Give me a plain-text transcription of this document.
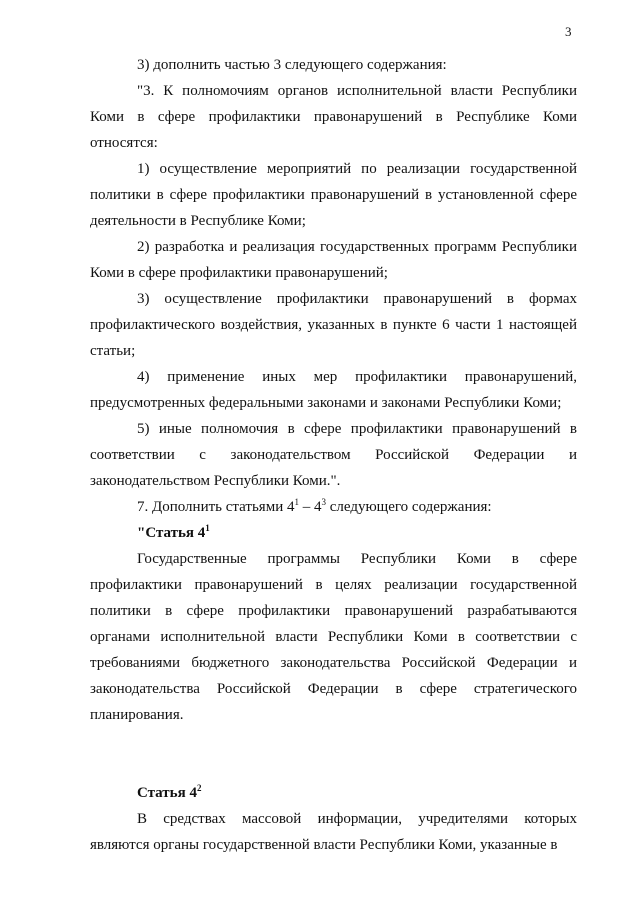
3

3) дополнить частью 3 следующего содержания:

"3. К полномочиям органов исполнительной власти Республики Коми в сфере профилактики правонарушений в Республике Коми относятся:

1) осуществление мероприятий по реализации государственной политики в сфере профилактики правонарушений в установленной сфере деятельности в Республике Коми;

2) разработка и реализация государственных программ Республики Коми в сфере профилактики правонарушений;

3) осуществление профилактики правонарушений в формах профилактического воздействия, указанных в пункте 6 части 1 настоящей статьи;

4) применение иных мер профилактики правонарушений, предусмотренных федеральными законами и законами Республики Коми;

5) иные полномочия в сфере профилактики правонарушений в соответствии с законодательством Российской Федерации и законодательством Республики Коми.".

7. Дополнить статьями $4^1 - 4^3$ следующего содержания:

"Статья $4^1$

Государственные программы Республики Коми в сфере профилактики правонарушений в целях реализации государственной политики в сфере профилактики правонарушений разрабатываются органами исполнительной власти Республики Коми в соответствии с требованиями бюджетного законодательства Российской Федерации и законодательства Российской Федерации в сфере стратегического планирования.

Статья $4^2$

В средствах массовой информации, учредителями которых являются органы государственной власти Республики Коми, указанные в
